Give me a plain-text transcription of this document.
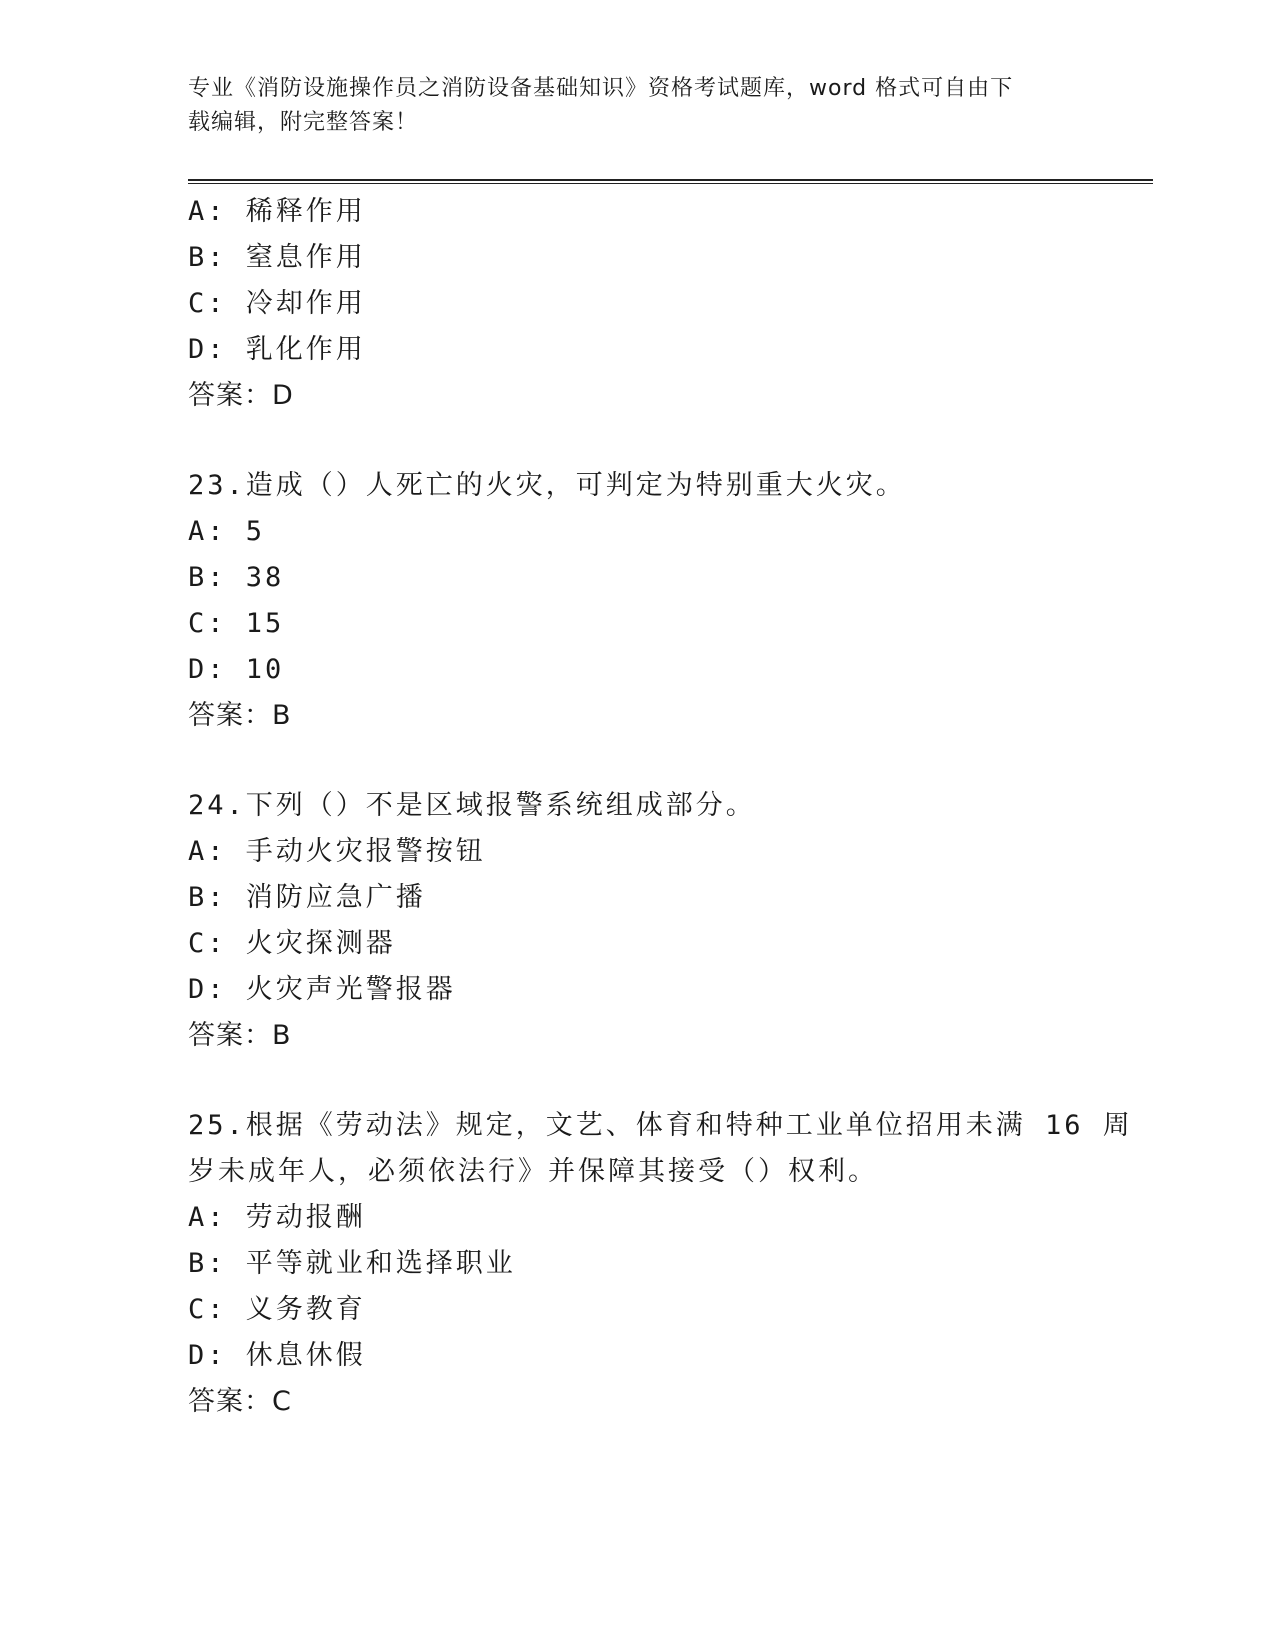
专业《消防设施操作员之消防设备基础知识》资格考试题库，word 格式可自由下
载编辑，附完整答案！
A: 稀释作用
B: 窒息作用
C: 冷却作用
D: 乳化作用
答案：D
23.造成（）人死亡的火灾，可判定为特别重大火灾。
A: 5
B: 38
C: 15
D: 10
答案：B
24.下列（）不是区域报警系统组成部分。
A: 手动火灾报警按钮
B: 消防应急广播
C: 火灾探测器
D: 火灾声光警报器
答案：B
25.根据《劳动法》规定，文艺、体育和特种工业单位招用未满 16 周
岁未成年人，必须依法行》并保障其接受（）权利。
A: 劳动报酬
B: 平等就业和选择职业
C: 义务教育
D: 休息休假
答案：C
